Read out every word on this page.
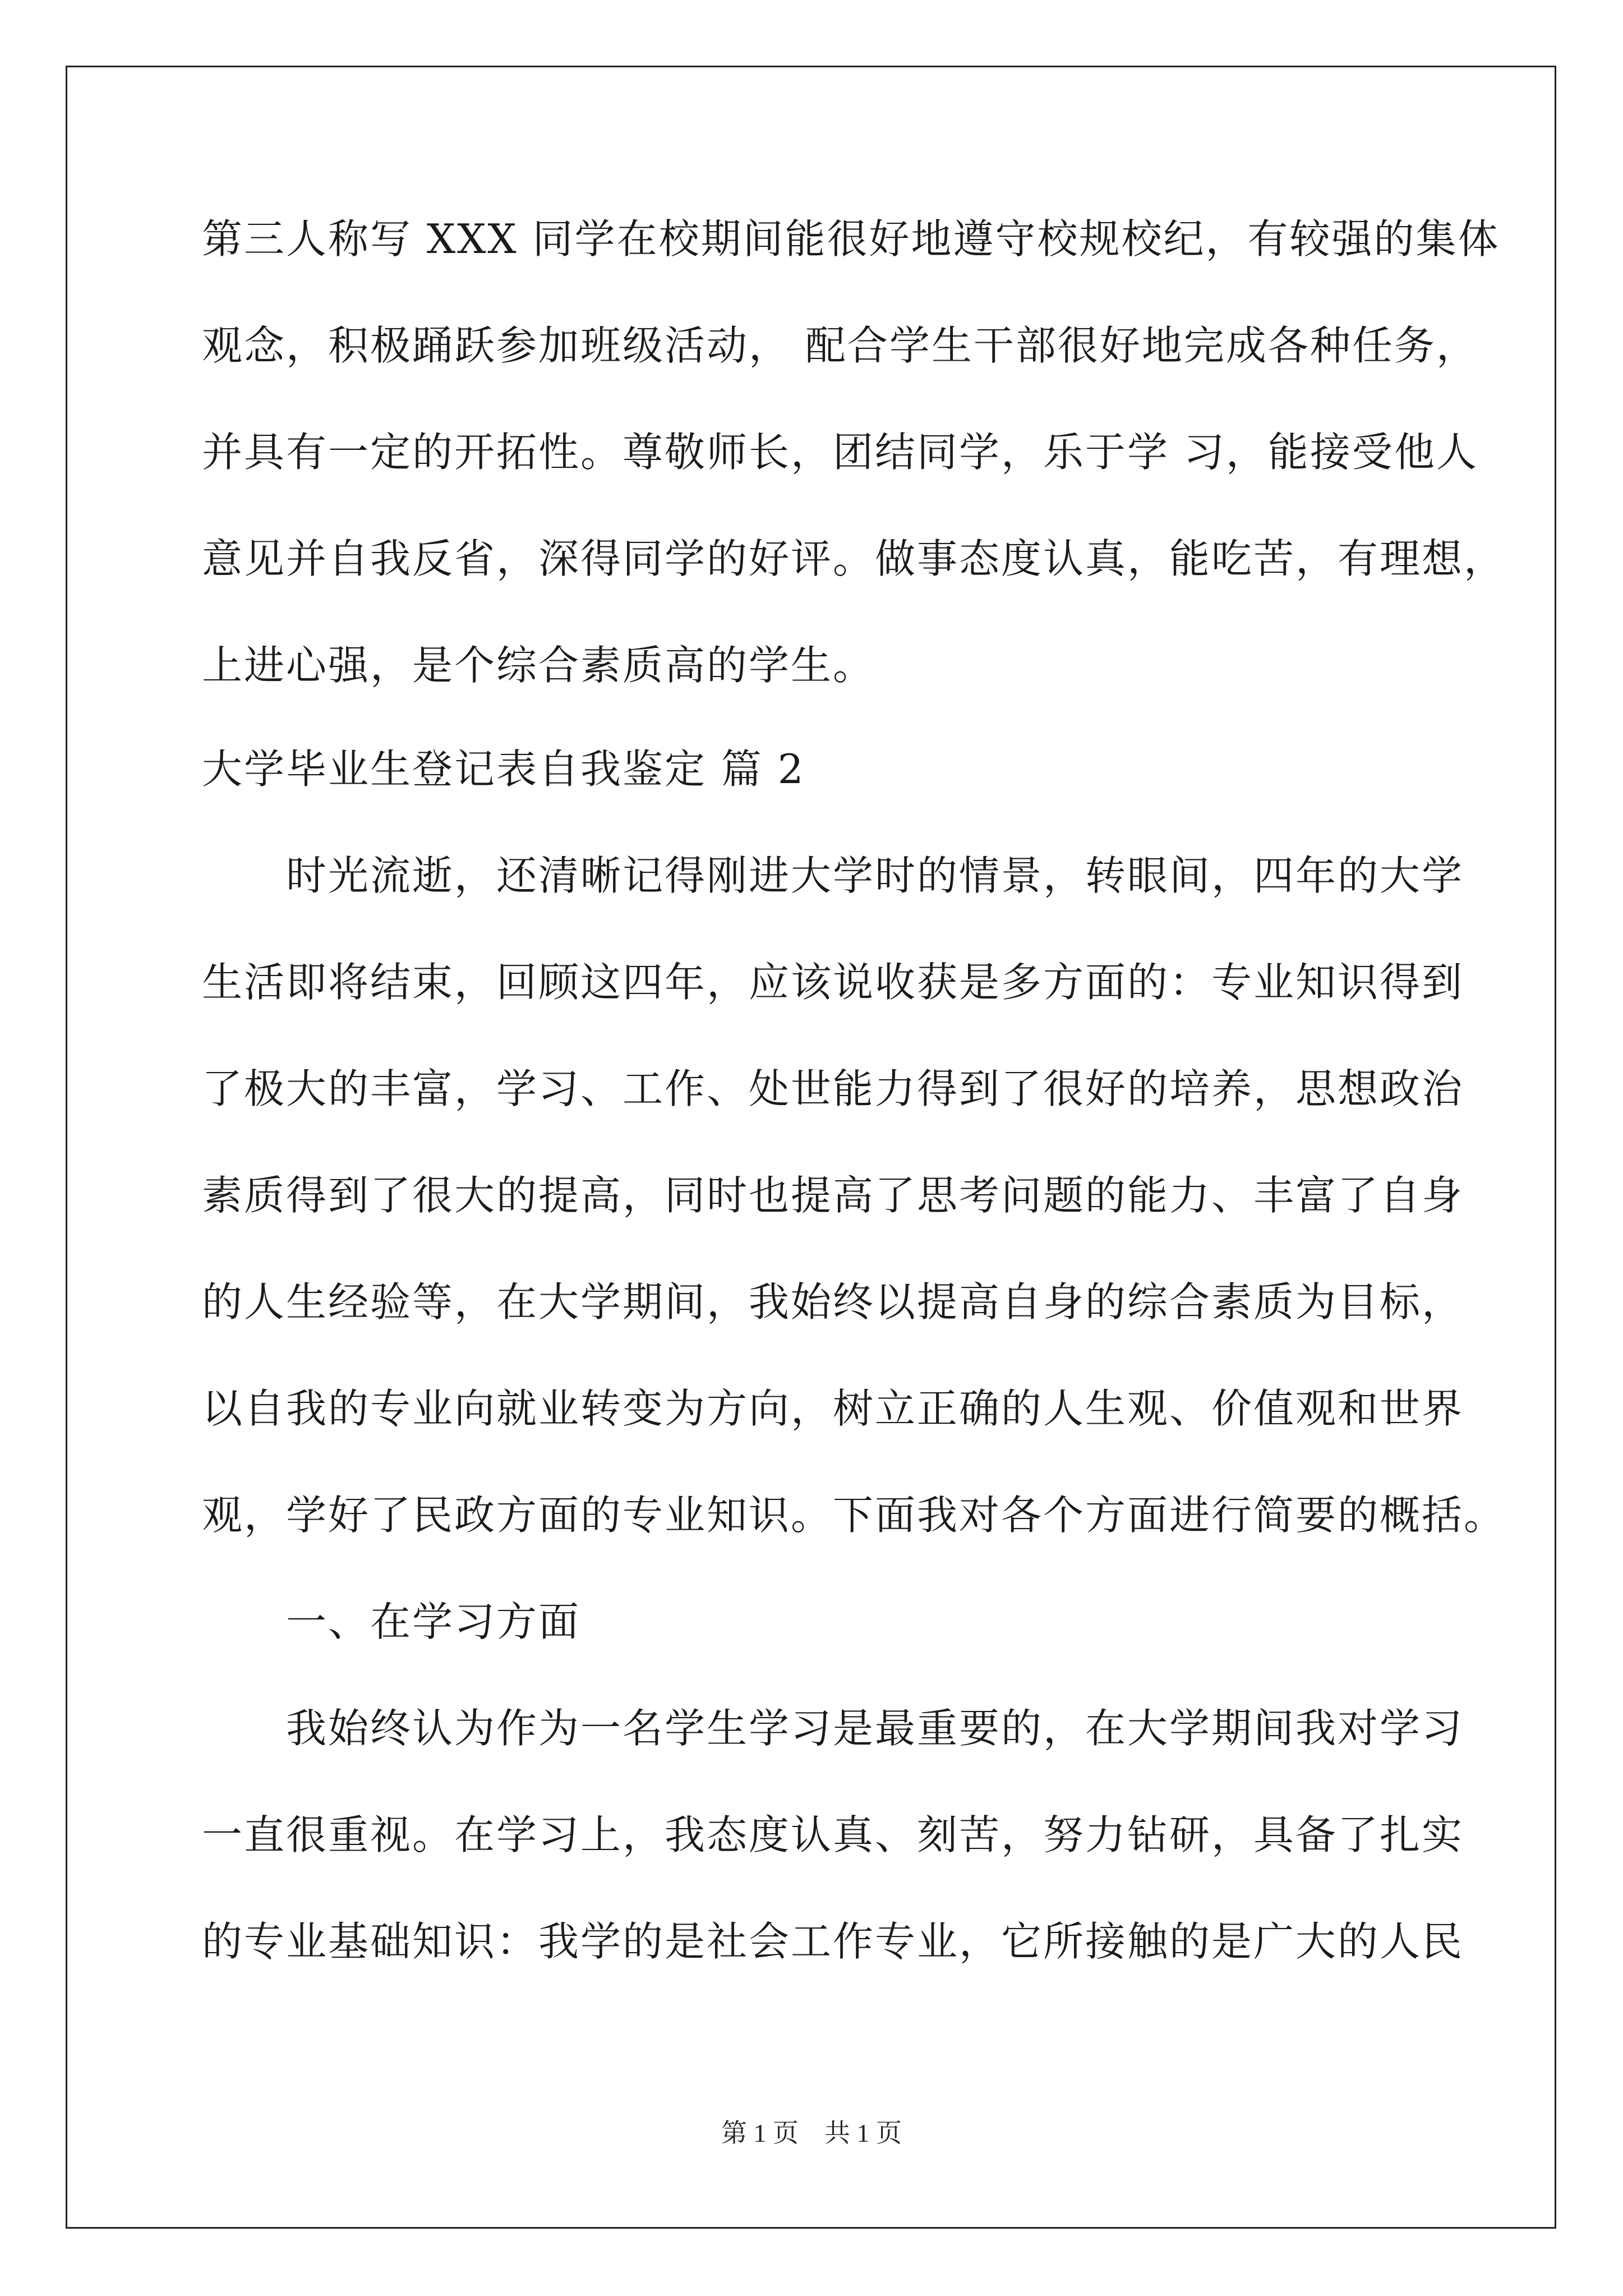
第三人称写 XXX 同学在校期间能很好地遵守校规校纪，有较强的集体
观念，积极踊跃参加班级活动， 配合学生干部很好地完成各种任务，
并具有一定的开拓性。尊敬师长，团结同学，乐于学 习，能接受他人
意见并自我反省，深得同学的好评。做事态度认真，能吃苦，有理想，
上进心强，是个综合素质高的学生。
大学毕业生登记表自我鉴定 篇 2
　　时光流逝，还清晰记得刚进大学时的情景，转眼间，四年的大学
生活即将结束，回顾这四年，应该说收获是多方面的：专业知识得到
了极大的丰富，学习、工作、处世能力得到了很好的培养，思想政治
素质得到了很大的提高，同时也提高了思考问题的能力、丰富了自身
的人生经验等，在大学期间，我始终以提高自身的综合素质为目标，
以自我的专业向就业转变为方向，树立正确的人生观、价值观和世界
观，学好了民政方面的专业知识。下面我对各个方面进行简要的概括。
　　一、在学习方面
　　我始终认为作为一名学生学习是最重要的，在大学期间我对学习
一直很重视。在学习上，我态度认真、刻苦，努力钻研，具备了扎实
的专业基础知识：我学的是社会工作专业，它所接触的是广大的人民
第 1 页　共 1 页
